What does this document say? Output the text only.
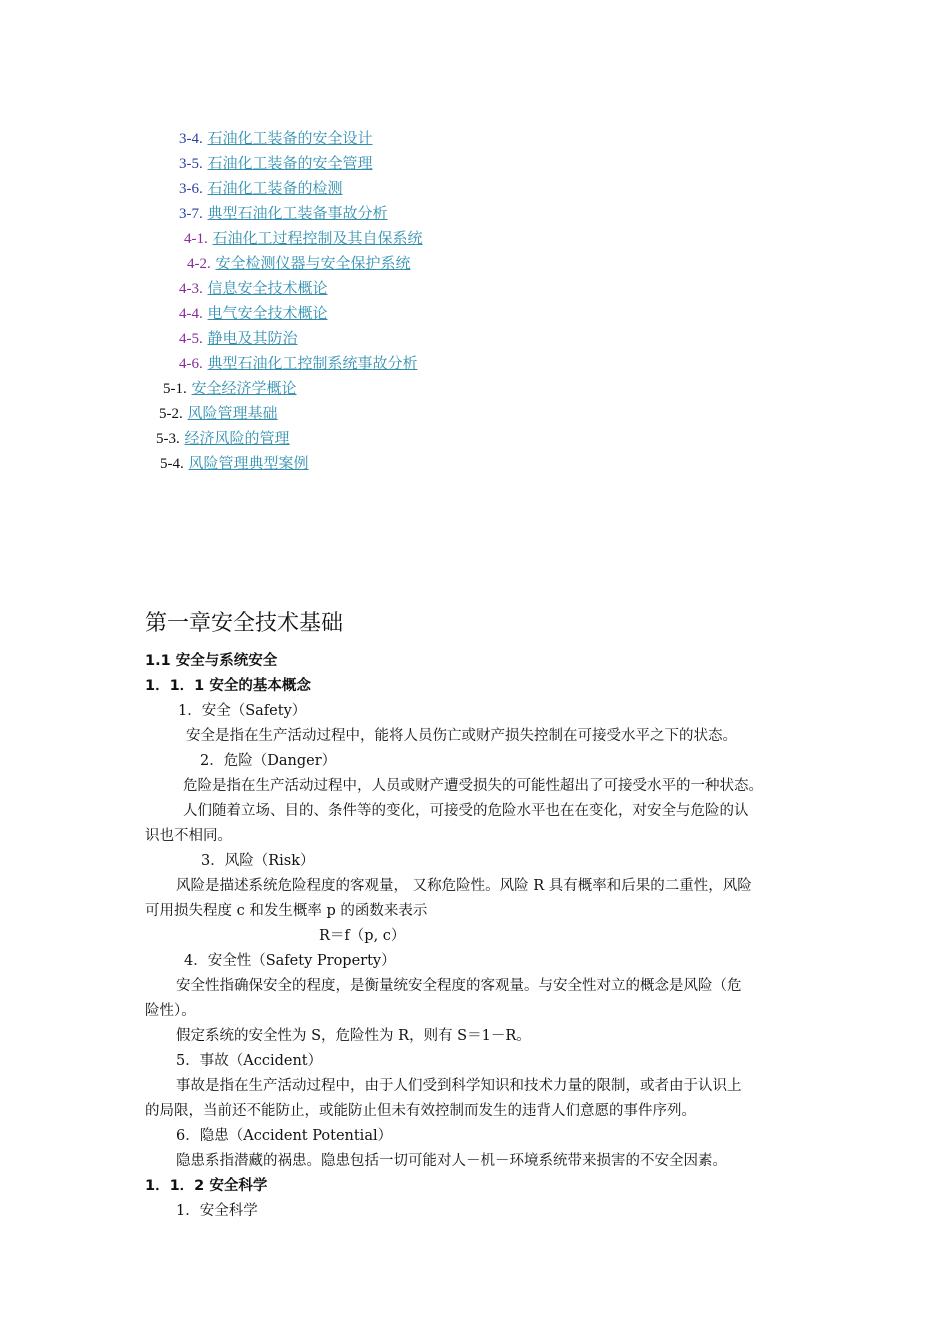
3-4. 石油化工装备的安全设计
3-5. 石油化工装备的安全管理
3-6. 石油化工装备的检测
3-7. 典型石油化工装备事故分析
4-1. 石油化工过程控制及其自保系统
4-2. 安全检测仪器与安全保护系统
4-3. 信息安全技术概论
4-4. 电气安全技术概论
4-5. 静电及其防治
4-6. 典型石油化工控制系统事故分析
5-1. 安全经济学概论
5-2. 风险管理基础
5-3. 经济风险的管理
5-4. 风险管理典型案例
第一章安全技术基础
1.1 安全与系统安全
1．1．1 安全的基本概念
1．安全（Safety）
安全是指在生产活动过程中，能将人员伤亡或财产损失控制在可接受水平之下的状态。
2．危险（Danger）
危险是指在生产活动过程中，人员或财产遭受损失的可能性超出了可接受水平的一种状态。
人们随着立场、目的、条件等的变化，可接受的危险水平也在在变化，对安全与危险的认
识也不相同。
3．风险（Risk）
风险是描述系统危险程度的客观量， 又称危险性。风险 R 具有概率和后果的二重性，风险
可用损失程度 c 和发生概率 p 的函数来表示
R＝f（p, c）
4．安全性（Safety Property）
安全性指确保安全的程度，是衡量统安全程度的客观量。与安全性对立的概念是风险（危
险性）。
假定系统的安全性为 S，危险性为 R，则有 S＝1－R。
5．事故（Accident）
事故是指在生产活动过程中，由于人们受到科学知识和技术力量的限制，或者由于认识上
的局限，当前还不能防止，或能防止但未有效控制而发生的违背人们意愿的事件序列。
6．隐患（Accident Potential）
隐患系指潜藏的祸患。隐患包括一切可能对人－机－环境系统带来损害的不安全因素。
1．1．2 安全科学
1．安全科学
